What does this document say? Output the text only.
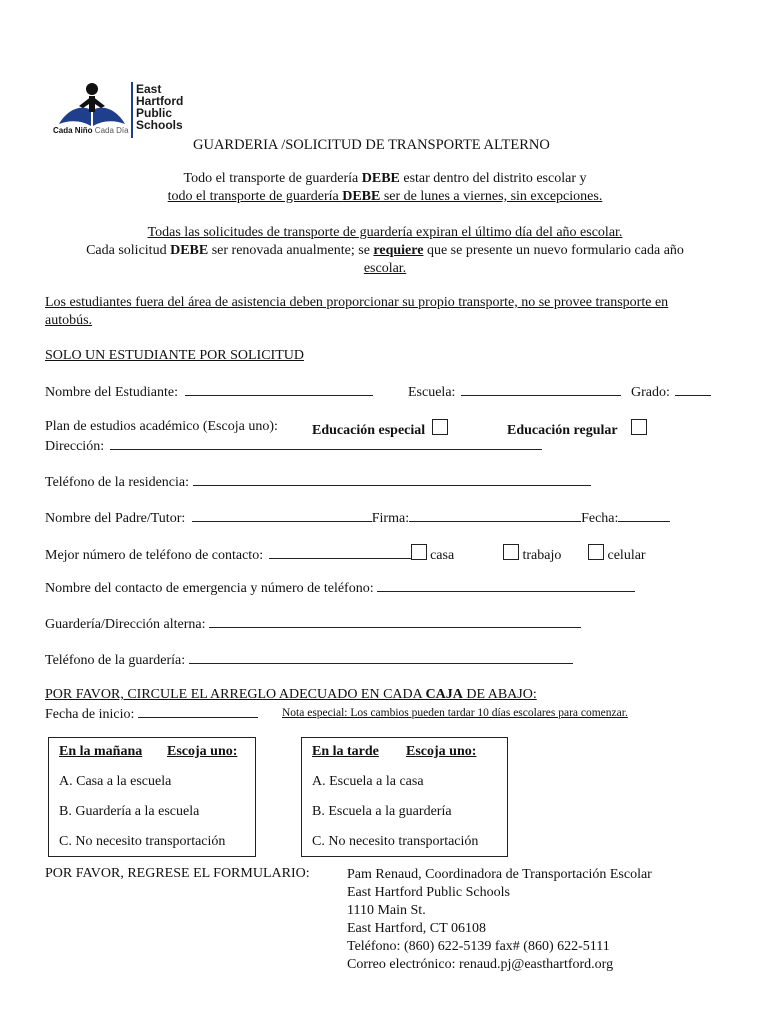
East
Hartford
Public
Schools
Cada Niño Cada Día
GUARDERIA /SOLICITUD DE TRANSPORTE ALTERNO
Todo el transporte de guardería DEBE estar dentro del distrito escolar y
todo el transporte de guardería DEBE ser de lunes a viernes, sin excepciones.
Todas las solicitudes de transporte de guardería expiran el último día del año escolar.
Cada solicitud DEBE ser renovada anualmente; se requiere que se presente un nuevo formulario cada año
escolar.
Los estudiantes fuera del área de asistencia deben proporcionar su propio transporte, no se provee transporte en
autobús.
SOLO UN ESTUDIANTE POR SOLICITUD
Nombre del Estudiante:	Escuela:	Grado:
Plan de estudios académico (Escoja uno): Educación especial	Educación regular
Dirección:
Teléfono de la residencia:
Nombre del Padre/Tutor:	Firma:	Fecha:
Mejor número de teléfono de contacto:	casa	trabajo	celular
Nombre del contacto de emergencia y número de teléfono:
Guardería/Dirección alterna:
Teléfono de la guardería:
POR FAVOR, CIRCULE EL ARREGLO ADECUADO EN CADA CAJA DE ABAJO:
Fecha de inicio:	Nota especial: Los cambios pueden tardar 10 días escolares para comenzar.
En la mañana Escoja uno:
A. Casa a la escuela
B. Guardería a la escuela
C. No necesito transportación
En la tarde Escoja uno:
A. Escuela a la casa
B. Escuela a la guardería
C. No necesito transportación
POR FAVOR, REGRESE EL FORMULARIO:	Pam Renaud, Coordinadora de Transportación Escolar
East Hartford Public Schools
1110 Main St.
East Hartford, CT 06108
Teléfono: (860) 622-5139 fax# (860) 622-5111
Correo electrónico: renaud.pj@easthartford.org
